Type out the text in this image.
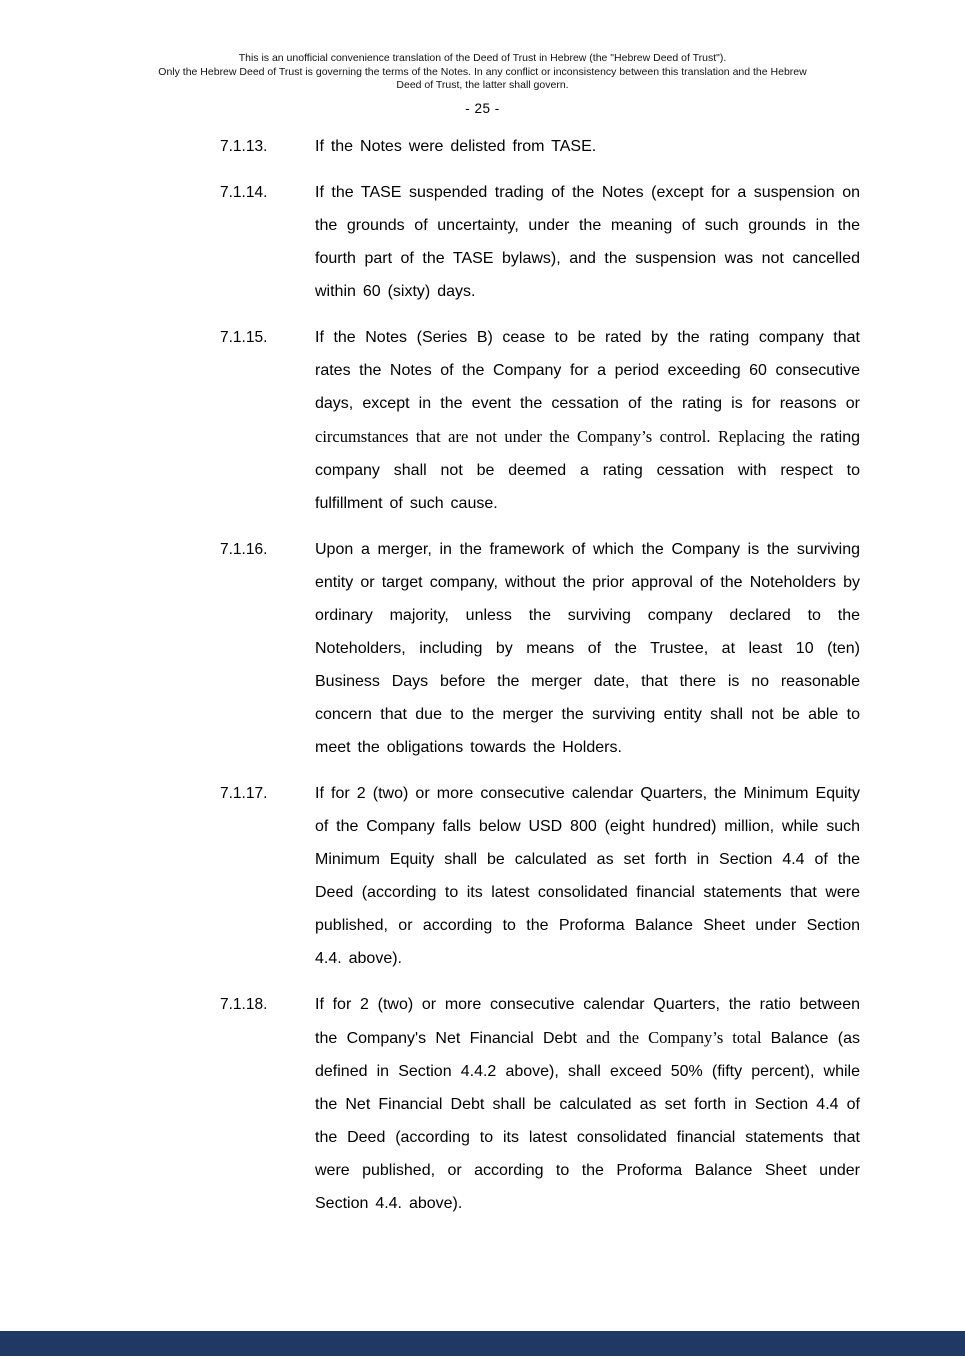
This is an unofficial convenience translation of the Deed of Trust in Hebrew (the "Hebrew Deed of Trust").
Only the Hebrew Deed of Trust is governing the terms of the Notes. In any conflict or inconsistency between this translation and the Hebrew
Deed of Trust, the latter shall govern.
- 25 -
7.1.13.	If the Notes were delisted from TASE.
7.1.14.	If the TASE suspended trading of the Notes (except for a suspension on the grounds of uncertainty, under the meaning of such grounds in the fourth part of the TASE bylaws), and the suspension was not cancelled within 60 (sixty) days.
7.1.15.	If the Notes (Series B) cease to be rated by the rating company that rates the Notes of the Company for a period exceeding 60 consecutive days, except in the event the cessation of the rating is for reasons or circumstances that are not under the Company’s control. Replacing the rating company shall not be deemed a rating cessation with respect to fulfillment of such cause.
7.1.16.	Upon a merger, in the framework of which the Company is the surviving entity or target company, without the prior approval of the Noteholders by ordinary majority, unless the surviving company declared to the Noteholders, including by means of the Trustee, at least 10 (ten) Business Days before the merger date, that there is no reasonable concern that due to the merger the surviving entity shall not be able to meet the obligations towards the Holders.
7.1.17.	If for 2 (two) or more consecutive calendar Quarters, the Minimum Equity of the Company falls below USD 800 (eight hundred) million, while such Minimum Equity shall be calculated as set forth in Section 4.4 of the Deed (according to its latest consolidated financial statements that were published, or according to the Proforma Balance Sheet under Section 4.4. above).
7.1.18.	If for 2 (two) or more consecutive calendar Quarters, the ratio between the Company's Net Financial Debt and the Company’s total Balance (as defined in Section 4.4.2 above), shall exceed 50% (fifty percent), while the Net Financial Debt shall be calculated as set forth in Section 4.4 of the Deed (according to its latest consolidated financial statements that were published, or according to the Proforma Balance Sheet under Section 4.4. above).
